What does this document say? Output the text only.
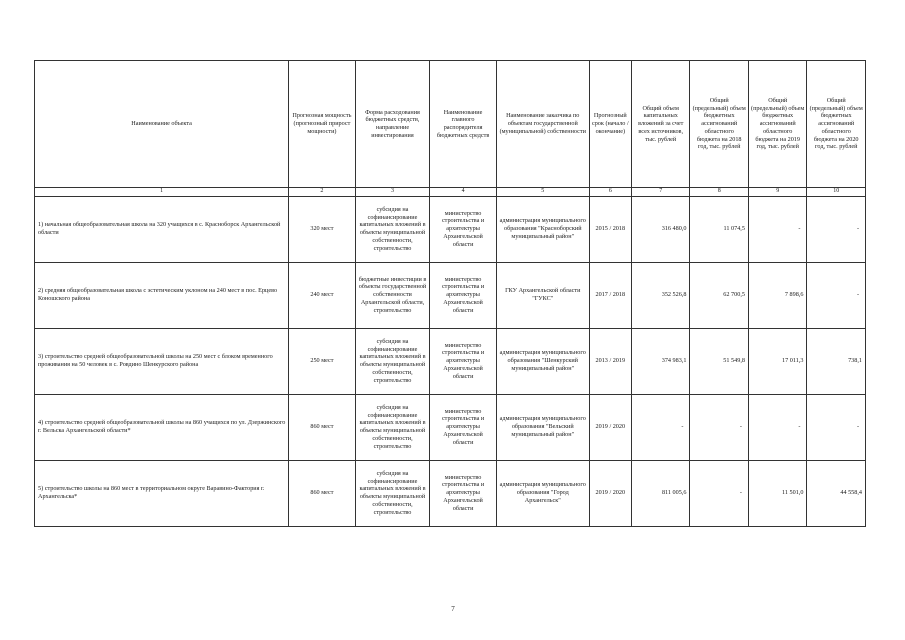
Наименование объекта	Прогнозная мощность (прогнозный прирост мощности)	Форма расходования бюджетных средств, направление инвестирования	Наименование главного распорядителя бюджетных средств	Наименование заказчика по объектам государственной (муниципальной) собственности	Прогнозный срок (начало / окончание)	Общий объем капитальных вложений за счет всех источников, тыс. рублей	Общий (предельный) объем бюджетных ассигнований областного бюджета на 2018 год, тыс. рублей	Общий (предельный) объем бюджетных ассигнований областного бюджета на 2019 год, тыс. рублей	Общий (предельный) объем бюджетных ассигнований областного бюджета на 2020 год, тыс. рублей
1	2	3	4	5	6	7	8	9	10
1) начальная общеобразовательная школа на 320 учащихся в с. Красноборск Архангельской области	320 мест	субсидия на софинансирование капитальных вложений в объекты муниципальной собственности, строительство	министерство строительства и архитектуры Архангельской области	администрация муниципального образования "Красноборский муниципальный район"	2015 / 2018	316 480,0	11 074,5	-	-
2) средняя общеобразовательная школа с эстетическим уклоном на 240 мест в пос. Ерцево Коношского района	240 мест	бюджетные инвестиции в объекты государственной собственности Архангельской области, строительство	министерство строительства и архитектуры Архангельской области	ГКУ Архангельской области "ГУКС"	2017 / 2018	352 526,8	62 700,5	7 898,6	-
3) строительство средней общеобразовательной школы на 250 мест с блоком временного проживания на 50 человек в с. Ровдино Шенкурского района	250 мест	субсидия на софинансирование капитальных вложений в объекты муниципальной собственности, строительство	министерство строительства и архитектуры Архангельской области	администрация муниципального образования "Шенкурский муниципальный район"	2013 / 2019	374 983,1	51 549,8	17 011,3	738,1
4) строительство средней общеобразовательной школы на 860 учащихся по ул. Дзержинского г. Вельска Архангельской области*	860 мест	субсидия на софинансирование капитальных вложений в объекты муниципальной собственности, строительство	министерство строительства и архитектуры Архангельской области	администрация муниципального образования "Вельский муниципальный район"	2019 / 2020	-	-	-	-
5) строительство школы на 860 мест в территориальном округе Варавино-Фактория г. Архангельска*	860 мест	субсидия на софинансирование капитальных вложений в объекты муниципальной собственности, строительство	министерство строительства и архитектуры Архангельской области	администрация муниципального образования "Город Архангельск"	2019 / 2020	811 005,6	-	11 501,0	44 558,4
7
